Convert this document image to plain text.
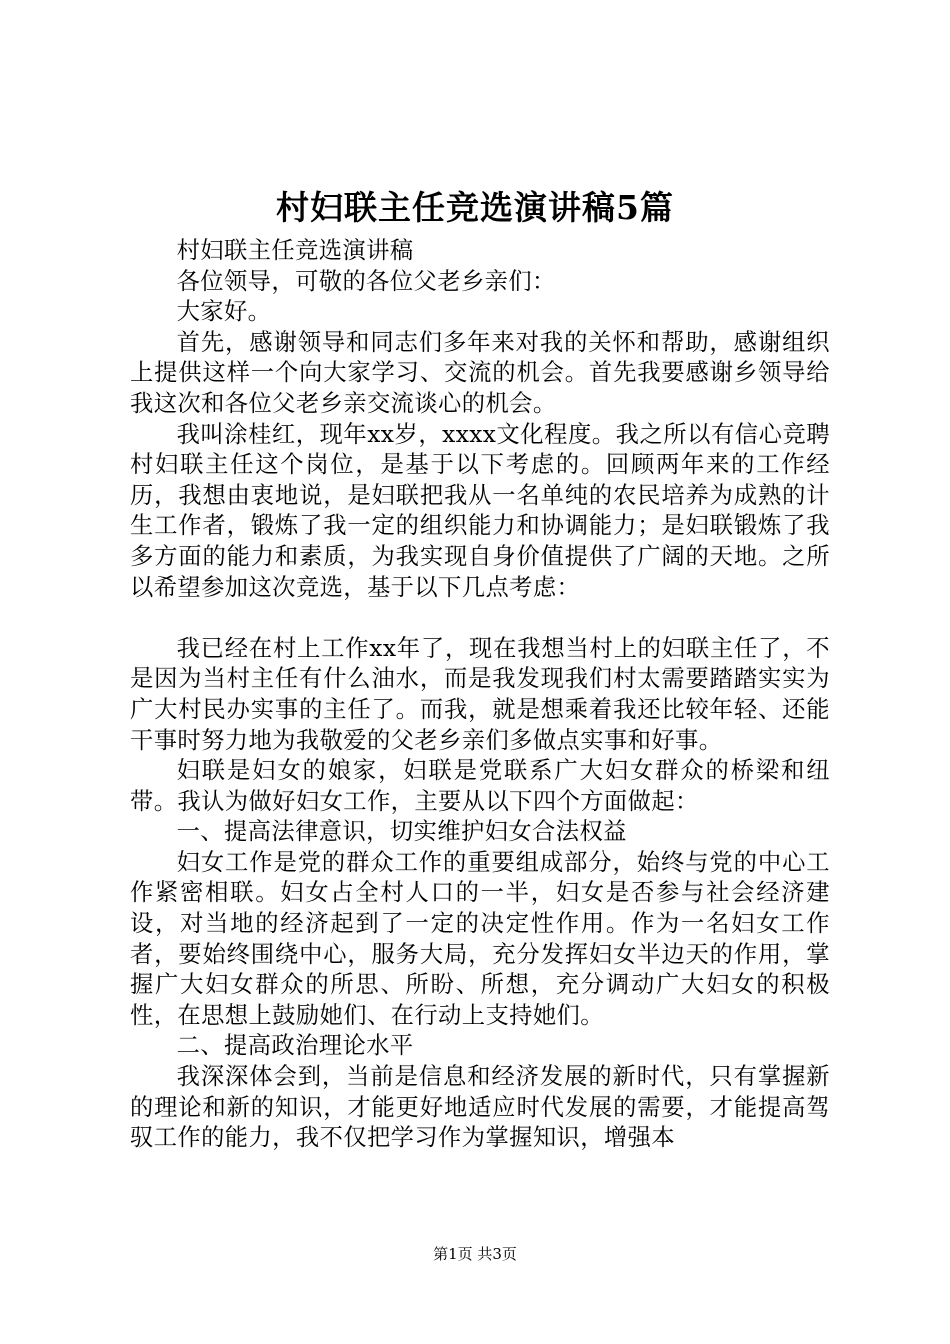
村妇联主任竞选演讲稿5篇

村妇联主任竞选演讲稿

各位领导，可敬的各位父老乡亲们：

大家好。

首先，感谢领导和同志们多年来对我的关怀和帮助，感谢组织上提供这样一个向大家学习、交流的机会。首先我要感谢乡领导给我这次和各位父老乡亲交流谈心的机会。

我叫涂桂红，现年xx岁，xxxx文化程度。我之所以有信心竞聘村妇联主任这个岗位，是基于以下考虑的。回顾两年来的工作经历，我想由衷地说，是妇联把我从一名单纯的农民培养为成熟的计生工作者，锻炼了我一定的组织能力和协调能力；是妇联锻炼了我多方面的能力和素质，为我实现自身价值提供了广阔的天地。之所以希望参加这次竞选，基于以下几点考虑：

我已经在村上工作xx年了，现在我想当村上的妇联主任了，不是因为当村主任有什么油水，而是我发现我们村太需要踏踏实实为广大村民办实事的主任了。而我，就是想乘着我还比较年轻、还能干事时努力地为我敬爱的父老乡亲们多做点实事和好事。

妇联是妇女的娘家，妇联是党联系广大妇女群众的桥梁和纽带。我认为做好妇女工作，主要从以下四个方面做起：

一、提高法律意识，切实维护妇女合法权益

妇女工作是党的群众工作的重要组成部分，始终与党的中心工作紧密相联。妇女占全村人口的一半，妇女是否参与社会经济建设，对当地的经济起到了一定的决定性作用。作为一名妇女工作者，要始终围绕中心，服务大局，充分发挥妇女半边天的作用，掌握广大妇女群众的所思、所盼、所想，充分调动广大妇女的积极性，在思想上鼓励她们、在行动上支持她们。

二、提高政治理论水平

我深深体会到，当前是信息和经济发展的新时代，只有掌握新的理论和新的知识，才能更好地适应时代发展的需要，才能提高驾驭工作的能力，我不仅把学习作为掌握知识，增强本

第1页 共3页
